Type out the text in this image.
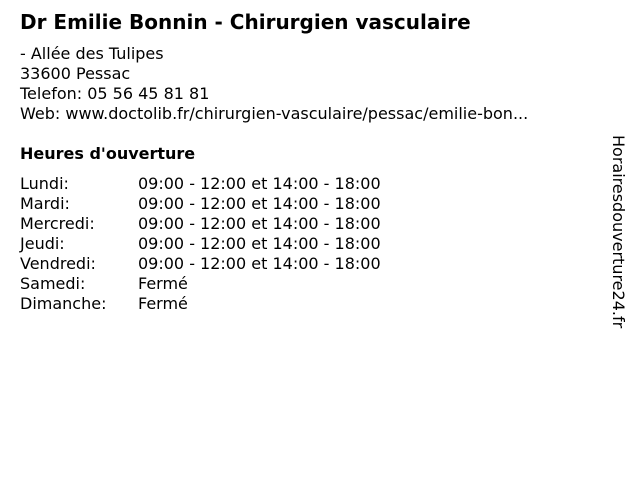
Dr Emilie Bonnin - Chirurgien vasculaire
- Allée des Tulipes
33600 Pessac
Telefon: 05 56 45 81 81
Web: www.doctolib.fr/chirurgien-vasculaire/pessac/emilie-bon...
Heures d'ouverture
Lundi:	09:00 - 12:00 et 14:00 - 18:00
Mardi:	09:00 - 12:00 et 14:00 - 18:00
Mercredi:	09:00 - 12:00 et 14:00 - 18:00
Jeudi:	09:00 - 12:00 et 14:00 - 18:00
Vendredi:	09:00 - 12:00 et 14:00 - 18:00
Samedi:	Fermé
Dimanche: Fermé	Horairesdouverture24.fr
